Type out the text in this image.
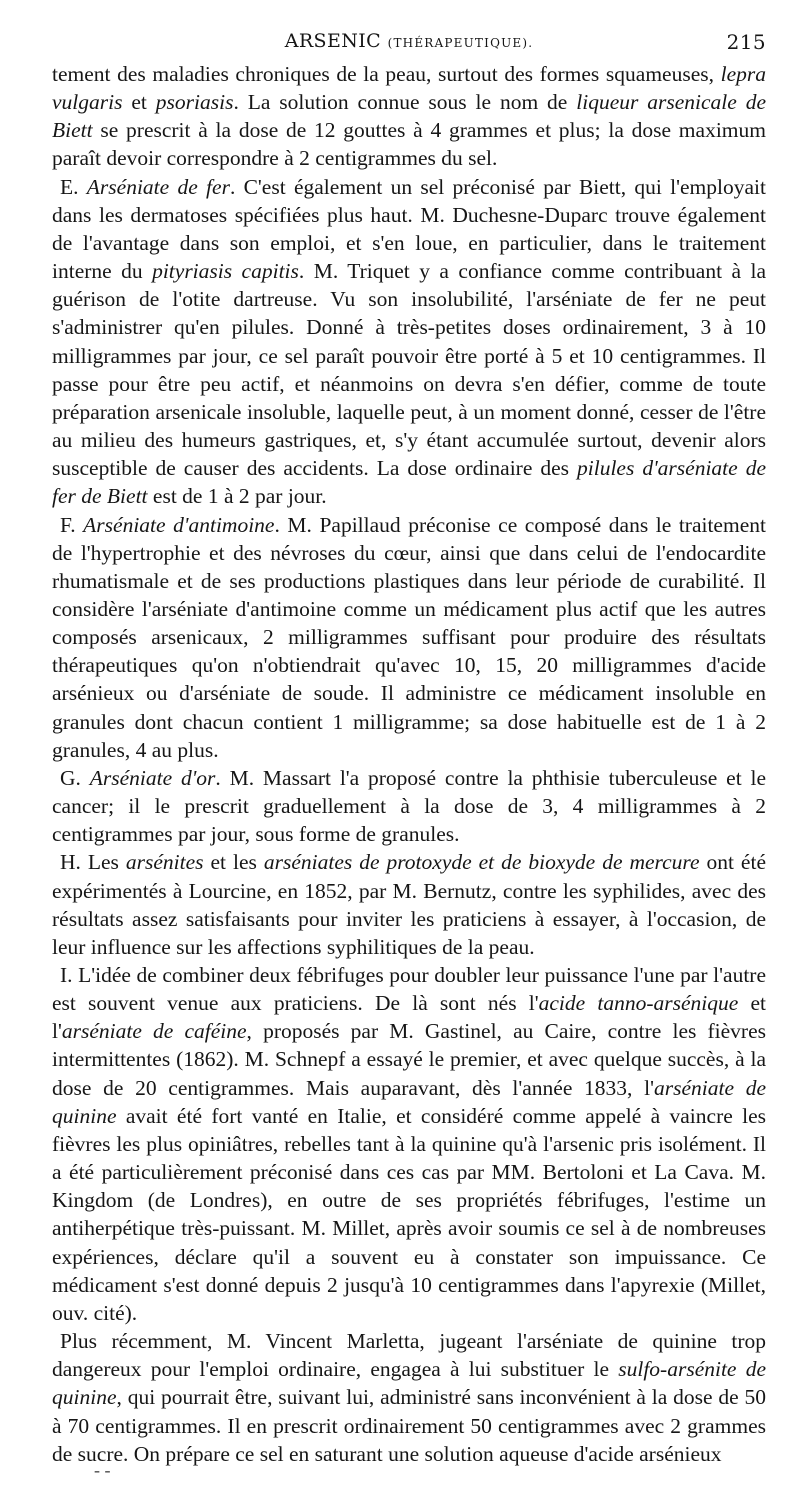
ARSENIC (THÉRAPEUTIQUE).	215

tement des maladies chroniques de la peau, surtout des formes squameuses, lepra vulgaris et psoriasis. La solution connue sous le nom de liqueur arsenicale de Biett se prescrit à la dose de 12 gouttes à 4 grammes et plus; la dose maximum paraît devoir correspondre à 2 centigrammes du sel.

E. Arséniate de fer. C'est également un sel préconisé par Biett, qui l'employait dans les dermatoses spécifiées plus haut. M. Duchesne-Duparc trouve également de l'avantage dans son emploi, et s'en loue, en particulier, dans le traitement interne du pityriasis capitis. M. Triquet y a confiance comme contribuant à la guérison de l'otite dartreuse. Vu son insolubilité, l'arséniate de fer ne peut s'administrer qu'en pilules. Donné à très-petites doses ordinairement, 3 à 10 milligrammes par jour, ce sel paraît pouvoir être porté à 5 et 10 centigrammes. Il passe pour être peu actif, et néanmoins on devra s'en défier, comme de toute préparation arsenicale insoluble, laquelle peut, à un moment donné, cesser de l'être au milieu des humeurs gastriques, et, s'y étant accumulée surtout, devenir alors susceptible de causer des accidents. La dose ordinaire des pilules d'arséniate de fer de Biett est de 1 à 2 par jour.

F. Arséniate d'antimoine. M. Papillaud préconise ce composé dans le traitement de l'hypertrophie et des névroses du cœur, ainsi que dans celui de l'endocardite rhumatismale et de ses productions plastiques dans leur période de curabilité. Il considère l'arséniate d'antimoine comme un médicament plus actif que les autres composés arsenicaux, 2 milligrammes suffisant pour produire des résultats thérapeutiques qu'on n'obtiendrait qu'avec 10, 15, 20 milligrammes d'acide arsénieux ou d'arséniate de soude. Il administre ce médicament insoluble en granules dont chacun contient 1 milligramme; sa dose habituelle est de 1 à 2 granules, 4 au plus.

G. Arséniate d'or. M. Massart l'a proposé contre la phthisie tuberculeuse et le cancer; il le prescrit graduellement à la dose de 3, 4 milligrammes à 2 centigrammes par jour, sous forme de granules.

H. Les arsénites et les arséniates de protoxyde et de bioxyde de mercure ont été expérimentés à Lourcine, en 1852, par M. Bernutz, contre les syphilides, avec des résultats assez satisfaisants pour inviter les praticiens à essayer, à l'occasion, de leur influence sur les affections syphilitiques de la peau.

I. L'idée de combiner deux fébrifuges pour doubler leur puissance l'une par l'autre est souvent venue aux praticiens. De là sont nés l'acide tanno-arsénique et l'arséniate de caféine, proposés par M. Gastinel, au Caire, contre les fièvres intermittentes (1862). M. Schnepf a essayé le premier, et avec quelque succès, à la dose de 20 centigrammes. Mais auparavant, dès l'année 1833, l'arséniate de quinine avait été fort vanté en Italie, et considéré comme appelé à vaincre les fièvres les plus opiniâtres, rebelles tant à la quinine qu'à l'arsenic pris isolément. Il a été particulièrement préconisé dans ces cas par MM. Bertoloni et La Cava. M. Kingdom (de Londres), en outre de ses propriétés fébrifuges, l'estime un antiherpétique très-puissant. M. Millet, après avoir soumis ce sel à de nombreuses expériences, déclare qu'il a souvent eu à constater son impuissance. Ce médicament s'est donné depuis 2 jusqu'à 10 centigrammes dans l'apyrexie (Millet, ouv. cité).

Plus récemment, M. Vincent Marletta, jugeant l'arséniate de quinine trop dangereux pour l'emploi ordinaire, engagea à lui substituer le sulfo-arsénite de quinine, qui pourrait être, suivant lui, administré sans inconvénient à la dose de 50 à 70 centigrammes. Il en prescrit ordinairement 50 centigrammes avec 2 grammes de sucre. On prépare ce sel en saturant une solution aqueuse d'acide arsénieux

- -
